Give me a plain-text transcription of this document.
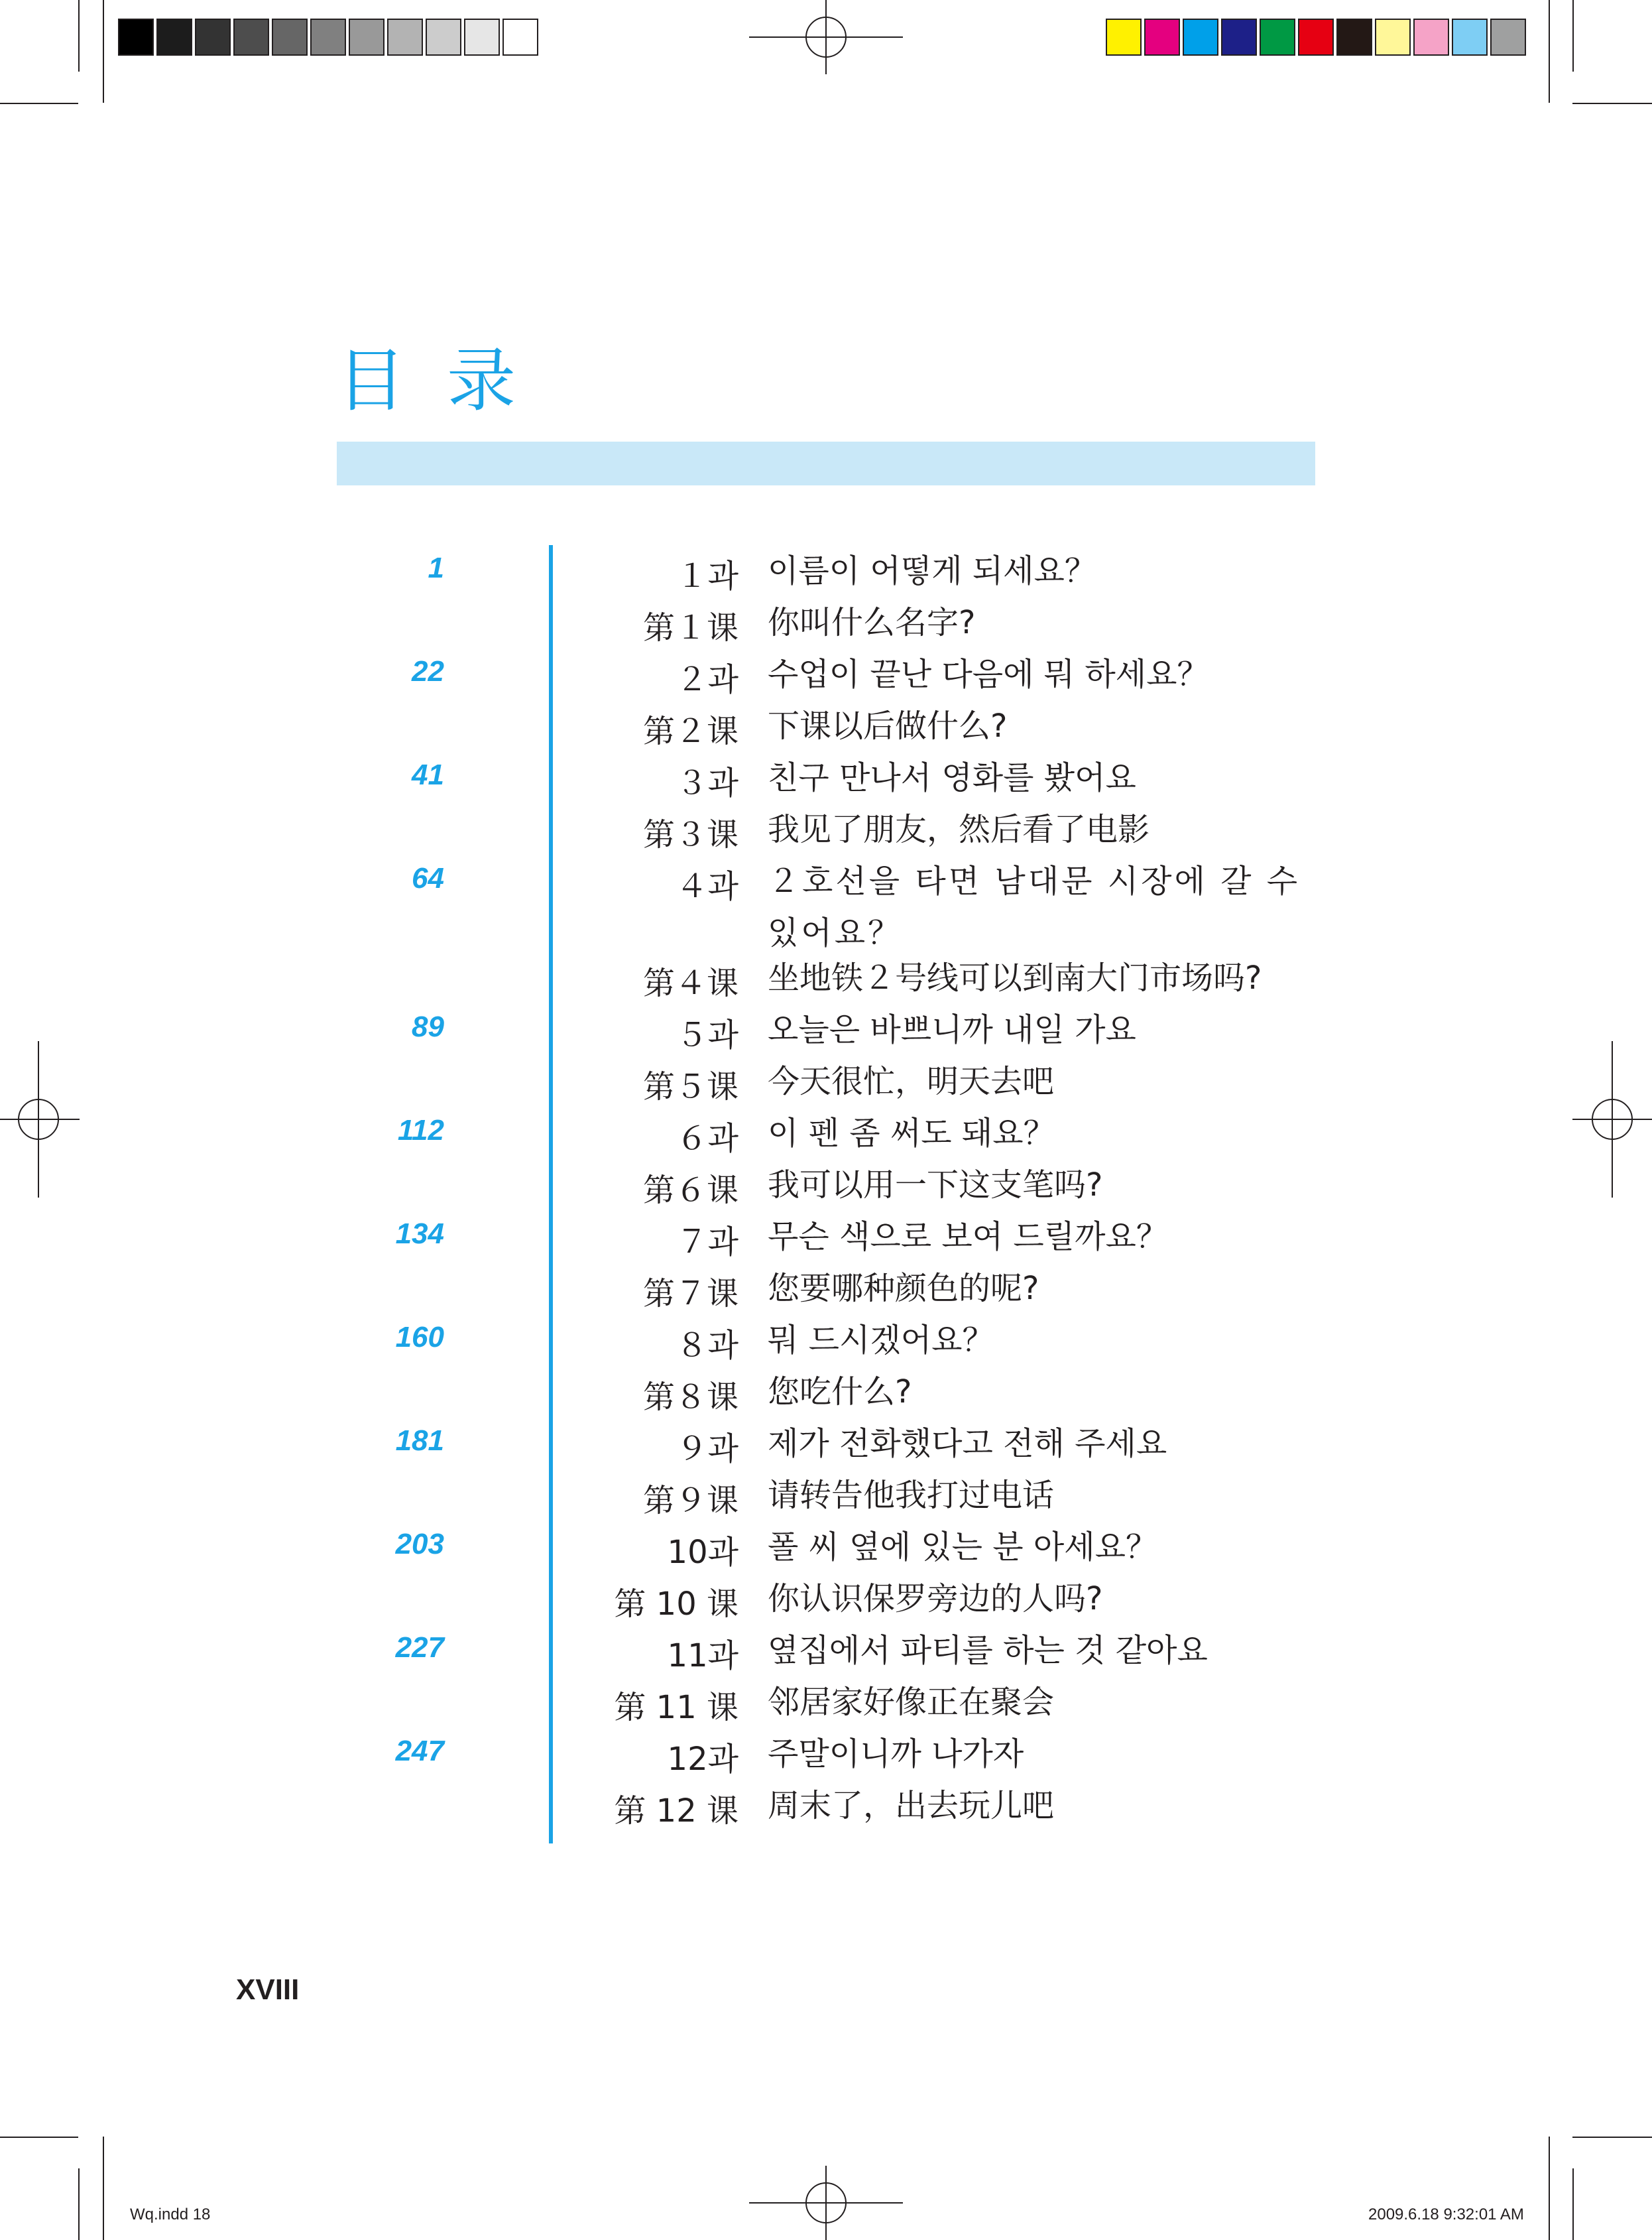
目 录
1	１과 이름이 어떻게 되세요？
第１课 你叫什么名字?
22	２과 수업이 끝난 다음에 뭐 하세요？
第２课 下课以后做什么?
41	３과 친구 만나서 영화를 봤어요
第３课 我见了朋友，然后看了电影
64	４과 ２호선을 타면 남대문 시장에 갈 수 있어요？
第４课 坐地铁２号线可以到南大门市场吗?
89	５과 오늘은 바쁘니까 내일 가요
第５课 今天很忙，明天去吧
112	６과 이 펜 좀 써도 돼요？
第６课 我可以用一下这支笔吗?
134	７과 무슨 색으로 보여 드릴까요？
第７课 您要哪种颜色的呢?
160	８과 뭐 드시겠어요？
第８课 您吃什么?
181	９과 제가 전화했다고 전해 주세요
第９课 请转告他我打过电话
203	10과 폴 씨 옆에 있는 분 아세요？
第 10 课 你认识保罗旁边的人吗?
227	11과 옆집에서 파티를 하는 것 같아요
第 11 课 邻居家好像正在聚会
247	12과 주말이니까 나가자
第 12 课 周末了，出去玩儿吧
XVIII
Wq.indd 18	2009.6.18 9:32:01 AM
